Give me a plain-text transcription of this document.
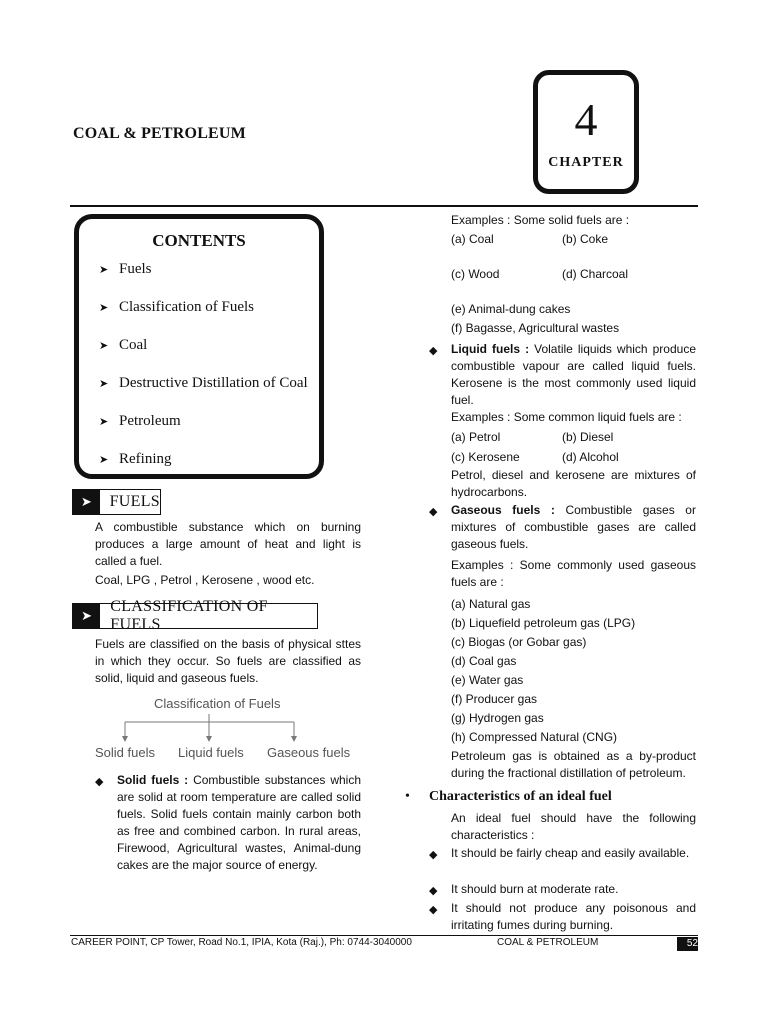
COAL & PETROLEUM	4
CHAPTER
CONTENTS
➤ Fuels
➤ Classification of Fuels
➤ Coal
➤ Destructive Distillation of Coal
➤ Petroleum
➤ Refining
➤	FUELS

A combustible substance which on burning produces a large amount of heat and light is called a fuel.

Coal, LPG , Petrol , Kerosene , wood etc.

➤
CLASSIFICATION OF FUELS
Fuels are classified on the basis of physical sttes in which they occur. So fuels are classified as solid, liquid and gaseous fuels.
Classification of Fuels
Solid fuels Liquid fuels Gaseous fuels
◆ Solid fuels : Combustible substances which are solid at room temperature are called solid fuels. Solid fuels contain mainly carbon both as free and combined carbon. In rural areas, Firewood, Agricultural wastes, Animal-dung cakes are the major source of energy.

Examples : Some solid fuels are :

(a) Coal	(b) Coke
(c) Wood	(d) Charcoal

(e) Animal-dung cakes

(f) Bagasse, Agricultural wastes

◆ Liquid fuels : Volatile liquids which produce combustible vapour are called liquid fuels. Kerosene is the most commonly used liquid fuel.

Examples : Some common liquid fuels are :

(a) Petrol	(b) Diesel
(c) Kerosene	(d) Alcohol

Petrol, diesel and kerosene are mixtures of hydrocarbons.

◆ Gaseous fuels : Combustible gases or mixtures of combustible gases are called gaseous fuels.

Examples : Some commonly used gaseous fuels are :

(a) Natural gas
(b) Liquefield petroleum gas (LPG)
(c) Biogas (or Gobar gas)
(d) Coal gas
(e) Water gas
(f) Producer gas
(g) Hydrogen gas
(h) Compressed Natural (CNG)

Petroleum gas is obtained as a by-product during the fractional distillation of petroleum.

• Characteristics of an ideal fuel
An ideal fuel should have the following characteristics :
◆ It should be fairly cheap and easily available.

◆ It should burn at moderate rate.

◆ It should not produce any poisonous and irritating fumes during burning.

CAREER POINT, CP Tower, Road No.1, IPIA, Kota (Raj.), Ph: 0744-3040000	COAL & PETROLEUM	52
